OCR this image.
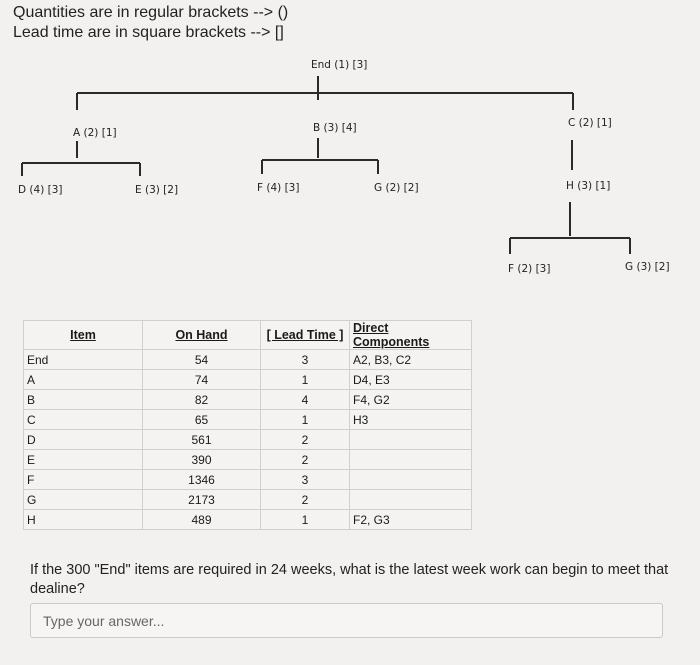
Quantities are in regular brackets --> ()
Lead time are in square brackets --> []
End (1) [3]
A (2) [1]	B (3) [4]	C (2) [1]
D (4) [3]	E (3) [2]	F (4) [3]	G (2) [2]	H (3) [1]
F (2) [3]	G (3) [2]
Item	On Hand	[ Lead Time ]	Direct Components
End	54	3	A2, B3, C2
A	74	1	D4, E3
B	82	4	F4, G2
C	65	1	H3
D	561	2	
E	390	2	
F	1346	3	
G	2173	2	
H	489	1	F2, G3
If the 300 "End" items are required in 24 weeks, what is the latest week work can begin to meet that dealine?
Type your answer...
